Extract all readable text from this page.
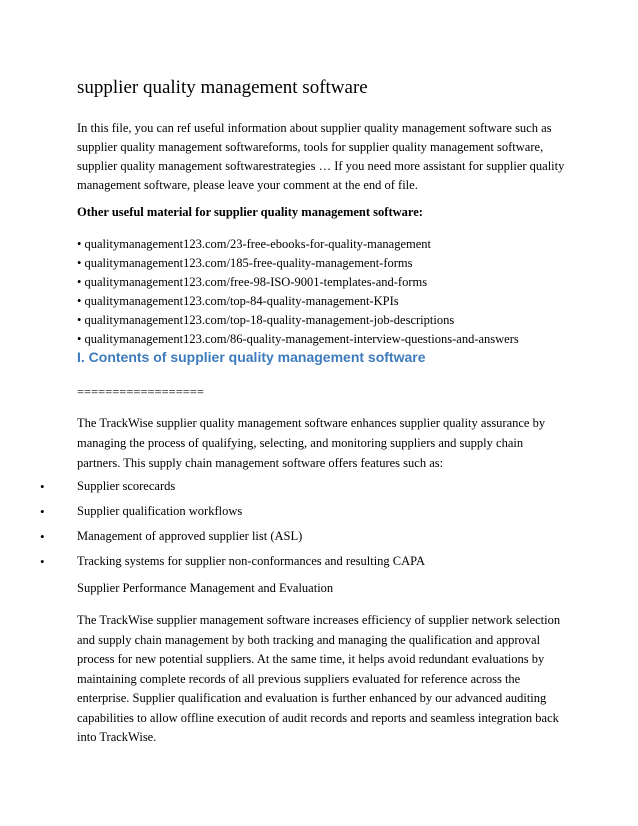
supplier quality management software
In this file, you can ref useful information about supplier quality management software such as
supplier quality management softwareforms, tools for supplier quality management software,
supplier quality management softwarestrategies … If you need more assistant for supplier quality
management software, please leave your comment at the end of file.
Other useful material for supplier quality management software:
• qualitymanagement123.com/23-free-ebooks-for-quality-management
• qualitymanagement123.com/185-free-quality-management-forms
• qualitymanagement123.com/free-98-ISO-9001-templates-and-forms
• qualitymanagement123.com/top-84-quality-management-KPIs
• qualitymanagement123.com/top-18-quality-management-job-descriptions
• qualitymanagement123.com/86-quality-management-interview-questions-and-answers
I. Contents of supplier quality management software
==================
The TrackWise supplier quality management software enhances supplier quality assurance by
managing the process of qualifying, selecting, and monitoring suppliers and supply chain
partners. This supply chain management software offers features such as:
•	Supplier scorecards
•	Supplier qualification workflows
•	Management of approved supplier list (ASL)
•	Tracking systems for supplier non-conformances and resulting CAPA
Supplier Performance Management and Evaluation
The TrackWise supplier management software increases efficiency of supplier network selection
and supply chain management by both tracking and managing the qualification and approval
process for new potential suppliers. At the same time, it helps avoid redundant evaluations by
maintaining complete records of all previous suppliers evaluated for reference across the
enterprise. Supplier qualification and evaluation is further enhanced by our advanced auditing
capabilities to allow offline execution of audit records and reports and seamless integration back
into TrackWise.
